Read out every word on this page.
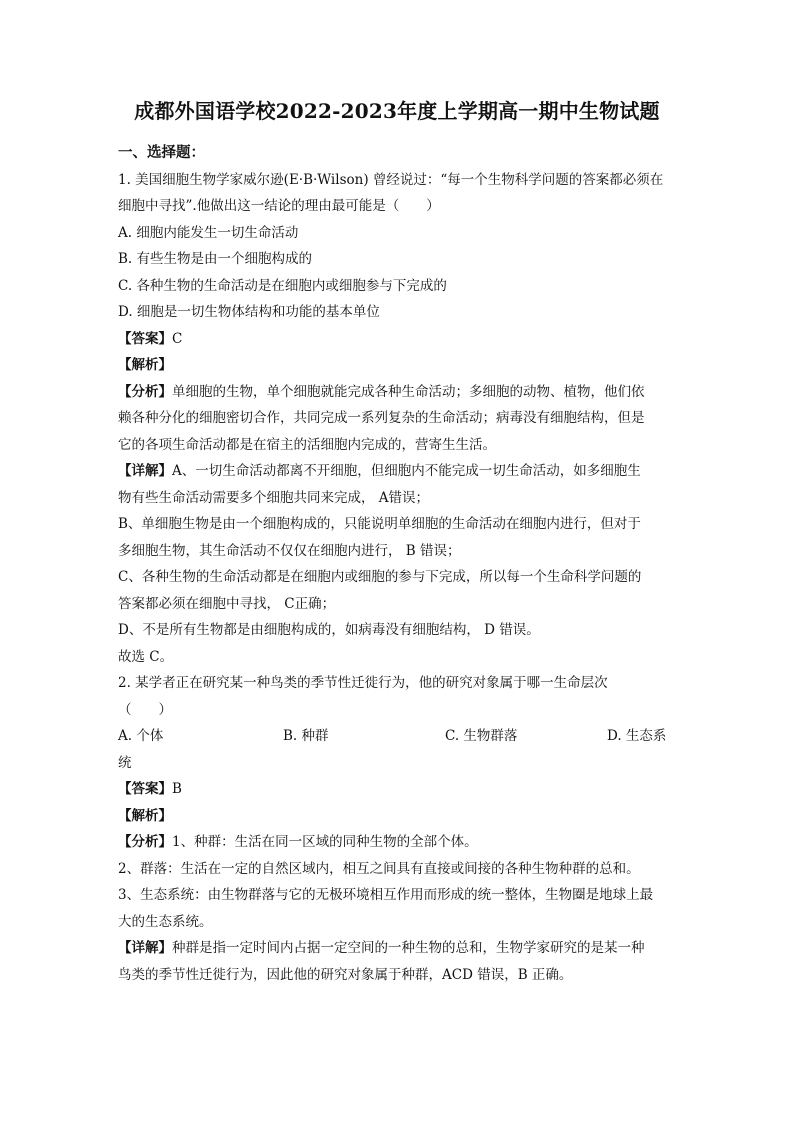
成都外国语学校2022-2023年度上学期高一期中生物试题
一、选择题：
1. 美国细胞生物学家威尔逊(E·B·Wilson) 曾经说过：“每一个生物科学问题的答案都必须在
细胞中寻找”.他做出这一结论的理由最可能是（　　）
A. 细胞内能发生一切生命活动
B. 有些生物是由一个细胞构成的
C. 各种生物的生命活动是在细胞内或细胞参与下完成的
D. 细胞是一切生物体结构和功能的基本单位
【答案】C
【解析】
【分析】单细胞的生物，单个细胞就能完成各种生命活动；多细胞的动物、植物，他们依
赖各种分化的细胞密切合作，共同完成一系列复杂的生命活动；病毒没有细胞结构，但是
它的各项生命活动都是在宿主的活细胞内完成的，营寄生生活。
【详解】A、一切生命活动都离不开细胞，但细胞内不能完成一切生命活动，如多细胞生
物有些生命活动需要多个细胞共同来完成， A错误；
B、单细胞生物是由一个细胞构成的，只能说明单细胞的生命活动在细胞内进行，但对于
多细胞生物，其生命活动不仅仅在细胞内进行， B 错误；
C、各种生物的生命活动都是在细胞内或细胞的参与下完成，所以每一个生命科学问题的
答案都必须在细胞中寻找， C正确；
D、不是所有生物都是由细胞构成的，如病毒没有细胞结构， D 错误。
故选 C。
2. 某学者正在研究某一种鸟类的季节性迁徙行为，他的研究对象属于哪一生命层次
（　　）
A. 个体	B. 种群	C. 生物群落	D. 生态系
统
【答案】B
【解析】
【分析】1、种群：生活在同一区域的同种生物的全部个体。
2、群落：生活在一定的自然区域内，相互之间具有直接或间接的各种生物种群的总和。
3、生态系统：由生物群落与它的无极环境相互作用而形成的统一整体，生物圈是地球上最
大的生态系统。
【详解】种群是指一定时间内占据一定空间的一种生物的总和，生物学家研究的是某一种
鸟类的季节性迁徙行为，因此他的研究对象属于种群，ACD 错误，B 正确。
